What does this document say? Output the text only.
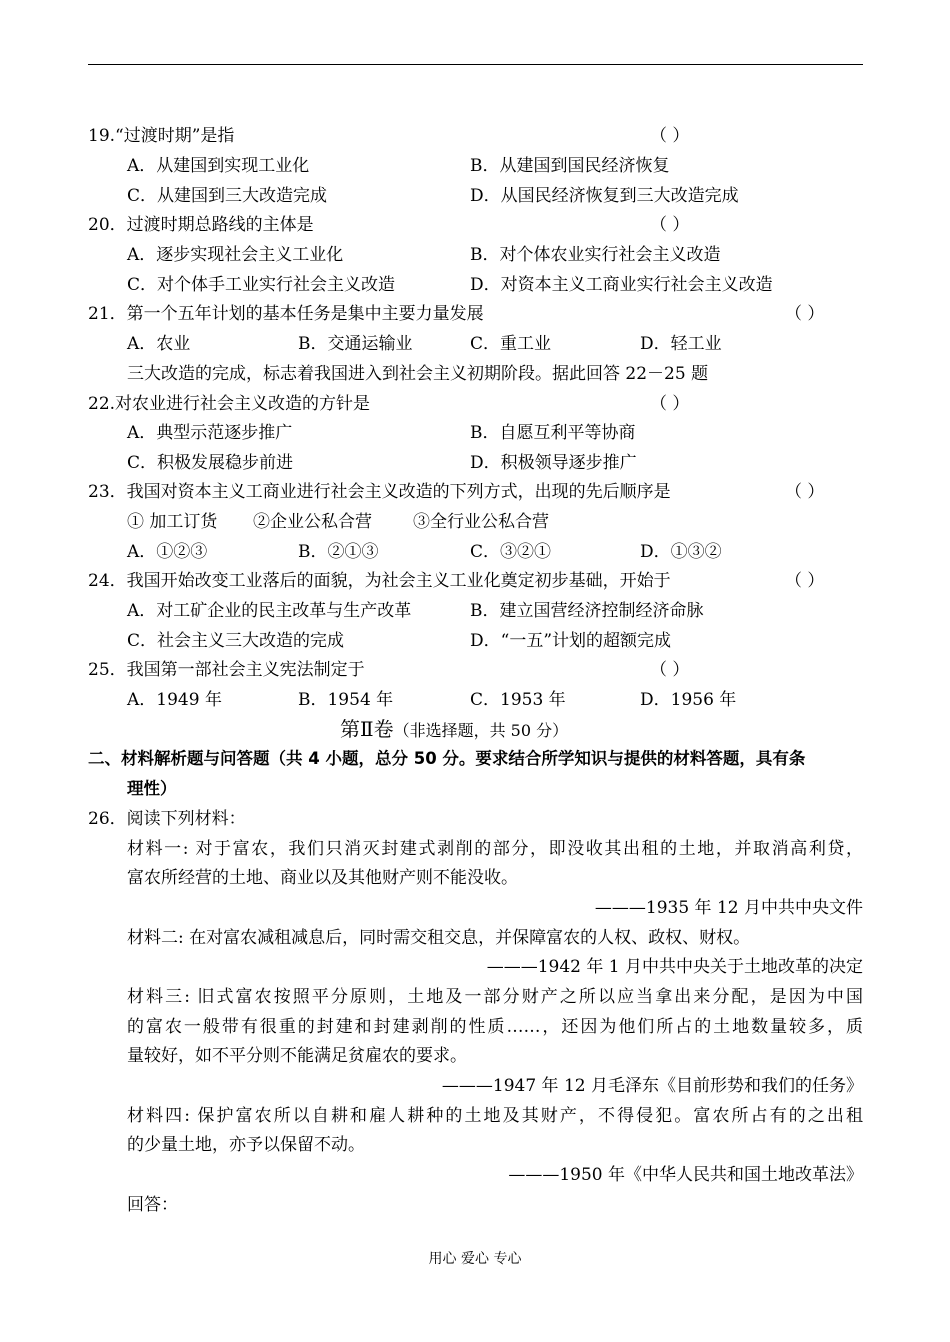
19.“过渡时期”是指	（ ）
A．从建国到实现工业化	B．从建国到国民经济恢复
C．从建国到三大改造完成	D．从国民经济恢复到三大改造完成
20．过渡时期总路线的主体是	（ ）
A．逐步实现社会主义工业化	B．对个体农业实行社会主义改造
C．对个体手工业实行社会主义改造	D．对资本主义工商业实行社会主义改造
21．第一个五年计划的基本任务是集中主要力量发展	（ ）
A．农业	B．交通运输业	C．重工业	D．轻工业
三大改造的完成，标志着我国进入到社会主义初期阶段。据此回答 22－25 题
22.对农业进行社会主义改造的方针是	（ ）
A．典型示范逐步推广	B．自愿互利平等协商
C．积极发展稳步前进	D．积极领导逐步推广
23．我国对资本主义工商业进行社会主义改造的下列方式，出现的先后顺序是	（ ）
① 加工订货 ②企业公私合营 ③全行业公私合营
A．①②③	B．②①③	C．③②①	D．①③②
24．我国开始改变工业落后的面貌，为社会主义工业化奠定初步基础，开始于	（ ）
A．对工矿企业的民主改革与生产改革	B．建立国营经济控制经济命脉
C．社会主义三大改造的完成	D．“一五”计划的超额完成
25．我国第一部社会主义宪法制定于	（ ）
A．1949 年	B．1954 年	C．1953 年	D．1956 年
第Ⅱ卷（非选择题，共 50 分）
二、材料解析题与问答题（共 4 小题，总分 50 分。要求结合所学知识与提供的材料答题，具有条
理性）
26．阅读下列材料：
材料一: 对于富农，我们只消灭封建式剥削的部分，即没收其出租的土地，并取消高利贷，
富农所经营的土地、商业以及其他财产则不能没收。
———1935 年 12 月中共中央文件
材料二: 在对富农减租减息后，同时需交租交息，并保障富农的人权、政权、财权。
———1942 年 1 月中共中央关于土地改革的决定
材料三: 旧式富农按照平分原则，土地及一部分财产之所以应当拿出来分配，是因为中国
的富农一般带有很重的封建和封建剥削的性质……，还因为他们所占的土地数量较多，质
量较好，如不平分则不能满足贫雇农的要求。
———1947 年 12 月毛泽东《目前形势和我们的任务》
材料四: 保护富农所以自耕和雇人耕种的土地及其财产，不得侵犯。富农所占有的之出租
的少量土地，亦予以保留不动。
———1950 年《中华人民共和国土地改革法》
回答：
用心 爱心 专心
